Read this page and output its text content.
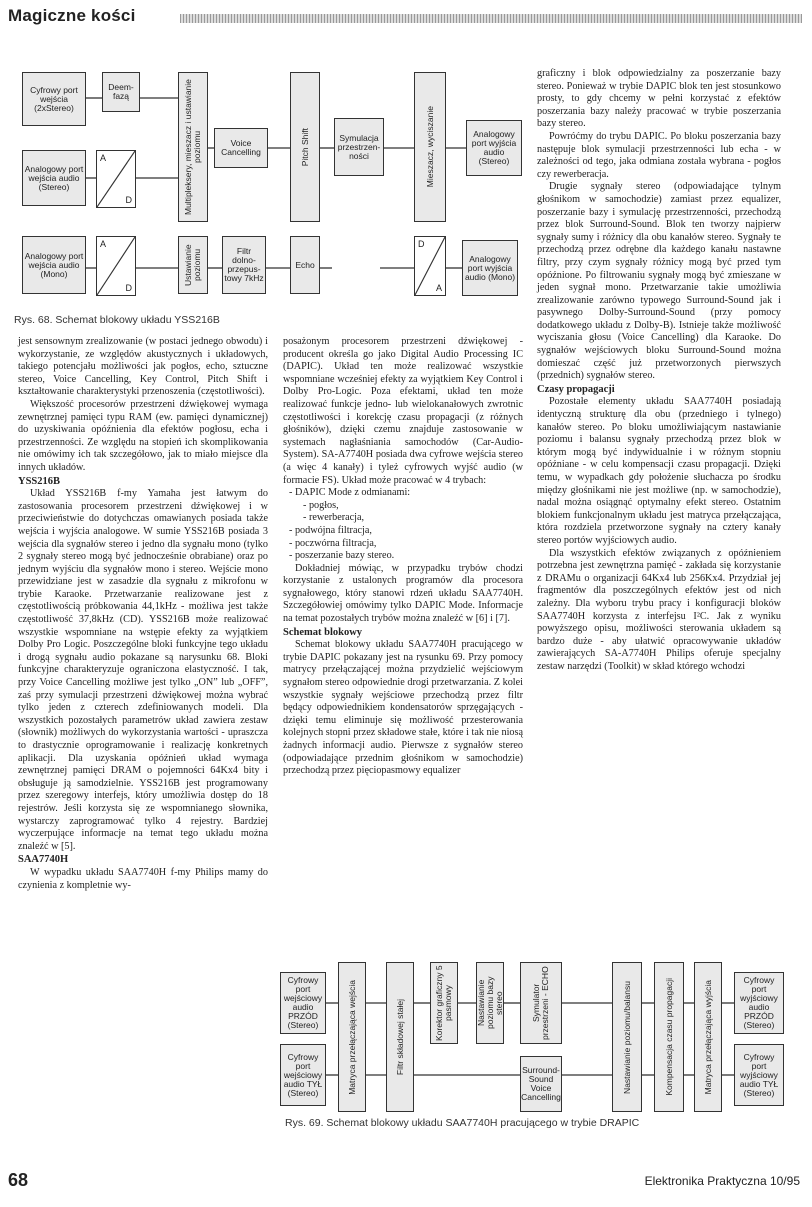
Magiczne kości
Cyfrowy port wejścia (2xStereo)
Deem-fazą
Analogowy port wejścia audio (Stereo)
Analogowy port wejścia audio (Mono)
A
D
A
D
Multipleksery, mieszacz i ustawianie poziomu
Ustawianie poziomu
Voice Cancelling
Filtr dolno-przepus-towy 7kHz
Pitch Shift
Echo
Symulacja przestrzen-ności	Mieszacz, wyciszanie
D
A
Analogowy port wyjścia audio (Stereo)
Analogowy port wyjścia audio (Mono)
Rys. 68. Schemat blokowy układu YSS216B

jest sensownym zrealizowanie (w postaci jednego obwodu) i wykorzystanie, ze względów akustycznych i układowych, takiego potencjału możliwości jak pogłos, echo, sztuczne stereo, Voice Cancelling, Key Control, Pitch Shift i kształtowanie charakterystyki przenoszenia (częstotliwości).

Większość procesorów przestrzeni dźwiękowej wymaga zewnętrznej pamięci typu RAM (ew. pamięci dynamicznej) do uzyskiwania opóźnienia dla efektów pogłosu, echa i przestrzenności. Ze względu na stopień ich skomplikowania nie omówimy ich tak szczegółowo, jak to miało miejsce dla innych układów.

YSS216B

Układ YSS216B f-my Yamaha jest łatwym do zastosowania procesorem przestrzeni dźwiękowej i w przeciwieństwie do dotychczas omawianych posiada także wejścia i wyjścia analogowe. W sumie YSS216B posiada 3 wejścia dla sygnałów stereo i jedno dla sygnału mono (tylko 2 sygnały stereo mogą być jednocześnie obrabiane) oraz po jednym wyjściu dla sygnałów mono i stereo. Wejście mono przewidziane jest w zasadzie dla sygnału z mikrofonu w trybie Karaoke. Przetwarzanie realizowane jest z częstotliwością próbkowania 44,1kHz - możliwa jest także częstotliwość 37,8kHz (CD). YSS216B może realizować wszystkie wspomniane na wstępie efekty za wyjątkiem Dolby Pro Logic. Poszczególne bloki funkcyjne tego układu i drogą sygnału audio pokazane są narysunku 68. Bloki funkcyjne charakteryzuje ograniczona elastyczność. I tak, przy Voice Cancelling możliwe jest tylko „ON” lub „OFF”, zaś przy symulacji przestrzeni dźwiękowej można wybrać tylko jeden z czterech zdefiniowanych modeli. Dla wszystkich pozostałych parametrów układ zawiera zestaw (słownik) możliwych do wykorzystania wartości - upraszcza to drastycznie oprogramowanie i realizację konkretnych aplikacji. Dla uzyskania opóźnień układ wymaga zewnętrznej pamięci DRAM o pojemności 64Kx4 bity i obsługuje ją samodzielnie. YSS216B jest programowany przez szeregowy interfejs, który umożliwia dostęp do 18 rejestrów. Jeśli korzysta się ze wspomnianego słownika, wystarczy zaprogramować tylko 4 rejestry. Bardziej wyczerpujące informacje na temat tego układu można znaleźć w [5].

SAA7740H

W wypadku układu SAA7740H f-my Philips mamy do czynienia z kompletnie wy-

posażonym procesorem przestrzeni dźwiękowej - producent określa go jako Digital Audio Processing IC (DAPIC). Układ ten może realizować wszystkie wspomniane wcześniej efekty za wyjątkiem Key Control i Dolby Pro-Logic. Poza efektami, układ ten może realizować funkcje jedno- lub wielokanałowych zwrotnic częstotliwości i korekcję czasu propagacji (z różnych głośników), dzięki czemu znajduje zastosowanie w systemach nagłaśniania samochodów (Car-Audio-System). SA-A7740H posiada dwa cyfrowe wejścia stereo (a więc 4 kanały) i tyleż cyfrowych wyjść audio (w formacie FS). Układ może pracować w 4 trybach:

- DAPIC Mode z odmianami:
- pogłos,
- rewerberacja,
- podwójna filtracja,
- poczwórna filtracja,
- poszerzanie bazy stereo.

Dokładniej mówiąc, w przypadku trybów chodzi korzystanie z ustalonych programów dla procesora sygnałowego, który stanowi rdzeń układu SAA7740H. Szczegółowiej omówimy tylko DAPIC Mode. Informacje na temat pozostałych trybów można znaleźć w [6] i [7].

Schemat blokowy

Schemat blokowy układu SAA7740H pracującego w trybie DAPIC pokazany jest na rysunku 69. Przy pomocy matrycy przełączającej można przydzielić wejściowym sygnałom stereo odpowiednie drogi przetwarzania. Z kolei wszystkie sygnały wejściowe przechodzą przez filtr będący odpowiednikiem kondensatorów sprzęgających - dzięki temu eliminuje się możliwość przesterowania kolejnych stopni przez składowe stałe, które i tak nie niosą żadnych informacji audio. Pierwsze z sygnałów stereo (odpowiadające przednim głośnikom w samochodzie) przechodzą przez pięciopasmowy equalizer

graficzny i blok odpowiedzialny za poszerzanie bazy stereo. Ponieważ w trybie DAPIC blok ten jest stosunkowo prosty, to gdy chcemy w pełni korzystać z efektów poszerzania bazy należy pracować w trybie poszerzania bazy stereo.

Powróćmy do trybu DAPIC. Po bloku poszerzania bazy następuje blok symulacji przestrzenności lub echa - w zależności od tego, jaka odmiana została wybrana - pogłos czy rewerberacja.

Drugie sygnały stereo (odpowiadające tylnym głośnikom w samochodzie) zamiast przez equalizer, poszerzanie bazy i symulację przestrzenności, przechodzą przez blok Surround-Sound. Blok ten tworzy najpierw sygnały sumy i różnicy dla obu kanałów stereo. Sygnały te przechodzą przez odrębne dla każdego kanału nastawne filtry, przy czym sygnały różnicy mogą być przed tym opóźnione. Po filtrowaniu sygnały mogą być zmieszane w jeden sygnał mono. Przetwarzanie takie umożliwia zrealizowanie zarówno typowego Surround-Sound jak i pasywnego Dolby-Surround-Sound (przy pomocy dodatkowego układu z Dolby-B). Istnieje także możliwość wyciszania głosu (Voice Cancelling) dla Karaoke. Do sygnałów wejściowych bloku Surround-Sound można domieszać część już przetworzonych pierwszych (przednich) sygnałów stereo.

Czasy propagacji

Pozostałe elementy układu SAA7740H posiadają identyczną strukturę dla obu (przedniego i tylnego) kanałów stereo. Po bloku umożliwiającym nastawianie poziomu i balansu sygnały przechodzą przez blok w którym mogą być indywidualnie i w różnym stopniu opóźniane - w celu kompensacji czasu propagacji. Dzięki temu, w wypadkach gdy położenie słuchacza po środku między głośnikami nie jest możliwe (np. w samochodzie), nadal można osiągnąć optymalny efekt stereo. Ostatnim blokiem funkcjonalnym układu jest matryca przełączająca, która rozdziela przetworzone sygnały na cztery kanały stereo portów wyjściowych audio.

Dla wszystkich efektów związanych z opóźnieniem potrzebna jest zewnętrzna pamięć - zakłada się korzystanie z DRAMu o organizacji 64Kx4 lub 256Kx4. Przydział jej fragmentów dla poszczególnych efektów jest od nich zależny. Dla wyboru trybu pracy i konfiguracji bloków SAA7740H korzysta z interfejsu I²C. Jak z wyniku powyższego opisu, możliwości sterowania układem są bardzo duże - aby ułatwić opracowywanie układów zawierających SA-A7740H Philips oferuje specjalny zestaw narzędzi (Toolkit) w skład którego wchodzi

Cyfrowy port wejściowy audio PRZÓD (Stereo)
Cyfrowy port wejściowy audio TYŁ (Stereo)	Matryca przełączająca wejścia	Filtr składowej stałej	Korektor graficzny 5 pasmowy	Nastawianie poziomu bazy stereo	Symulator przestrzeni - ECHO
Surround-Sound Voice Cancelling
Nastawianie poziomu/balansu	Kompensacja czasu propagacji	Matryca przełączająca wyjścia	Cyfrowy port wyjściowy audio PRZÓD (Stereo)
Cyfrowy port wyjściowy audio TYŁ (Stereo)
Rys. 69. Schemat blokowy układu SAA7740H pracującego w trybie DRAPIC
68	Elektronika Praktyczna 10/95
